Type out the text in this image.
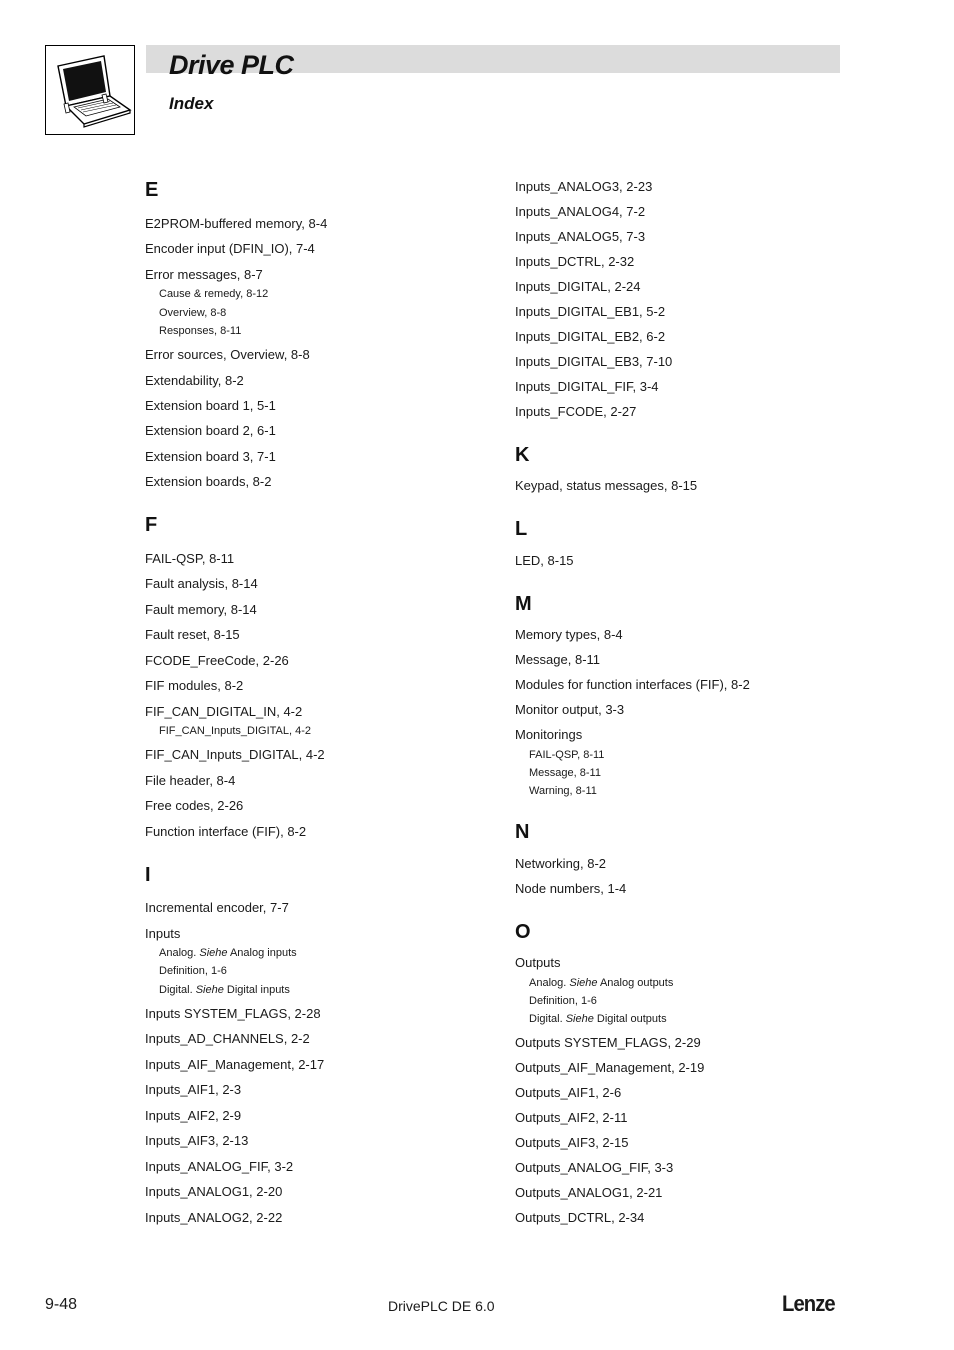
Drive PLC
Index
E
E2PROM-buffered memory, 8-4
Encoder input (DFIN_IO), 7-4
Error messages, 8-7
Cause & remedy, 8-12
Overview, 8-8
Responses, 8-11
Error sources, Overview, 8-8
Extendability, 8-2
Extension board 1, 5-1
Extension board 2, 6-1
Extension board 3, 7-1
Extension boards, 8-2
F
FAIL-QSP, 8-11
Fault analysis, 8-14
Fault memory, 8-14
Fault reset, 8-15
FCODE_FreeCode, 2-26
FIF modules, 8-2
FIF_CAN_DIGITAL_IN, 4-2
FIF_CAN_Inputs_DIGITAL, 4-2
FIF_CAN_Inputs_DIGITAL, 4-2
File header, 8-4
Free codes, 2-26
Function interface (FIF), 8-2
I
Incremental encoder, 7-7
Inputs
Analog. Siehe Analog inputs
Definition, 1-6
Digital. Siehe Digital inputs
Inputs SYSTEM_FLAGS, 2-28
Inputs_AD_CHANNELS, 2-2
Inputs_AIF_Management, 2-17
Inputs_AIF1, 2-3
Inputs_AIF2, 2-9
Inputs_AIF3, 2-13
Inputs_ANALOG_FIF, 3-2
Inputs_ANALOG1, 2-20
Inputs_ANALOG2, 2-22
Inputs_ANALOG3, 2-23
Inputs_ANALOG4, 7-2
Inputs_ANALOG5, 7-3
Inputs_DCTRL, 2-32
Inputs_DIGITAL, 2-24
Inputs_DIGITAL_EB1, 5-2
Inputs_DIGITAL_EB2, 6-2
Inputs_DIGITAL_EB3, 7-10
Inputs_DIGITAL_FIF, 3-4
Inputs_FCODE, 2-27
K
Keypad, status messages, 8-15
L
LED, 8-15
M
Memory types, 8-4
Message, 8-11
Modules for function interfaces (FIF), 8-2
Monitor output, 3-3
Monitorings
FAIL-QSP, 8-11
Message, 8-11
Warning, 8-11
N
Networking, 8-2
Node numbers, 1-4
O
Outputs
Analog. Siehe Analog outputs
Definition, 1-6
Digital. Siehe Digital outputs
Outputs SYSTEM_FLAGS, 2-29
Outputs_AIF_Management, 2-19
Outputs_AIF1, 2-6
Outputs_AIF2, 2-11
Outputs_AIF3, 2-15
Outputs_ANALOG_FIF, 3-3
Outputs_ANALOG1, 2-21
Outputs_DCTRL, 2-34
9-48	DrivePLC DE 6.0	Lenze
